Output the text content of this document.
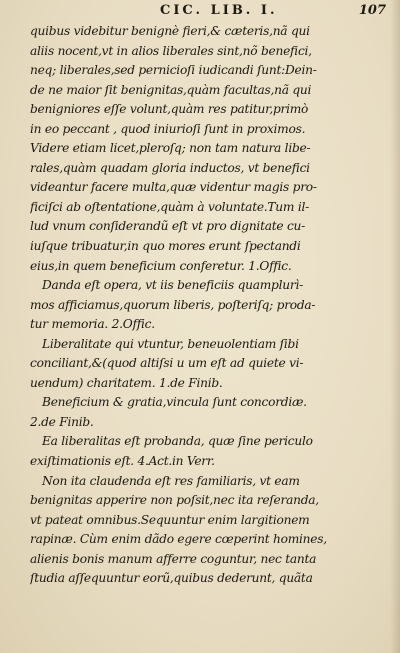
CIC. LIB. I.	107
quibus videbitur benignè fieri,& cæteris,nã qui
aliis nocent,vt in alios liberales sint,nõ benefici,
neq; liberales,sed pernicioſi iudicandi ſunt:Dein-
de ne maior ſit benignitas,quàm facultas,nã qui
benigniores eſſe volunt,quàm res patitur,primò
in eo peccant , quod iniurioſi ſunt in proximos.
Videre etiam licet,pleroſq; non tam natura libe-
rales,quàm quadam gloria inductos, vt benefici
videantur facere multa,quæ videntur magis pro-
ficiſci ab oſtentatione,quàm à voluntate.Tum il-
lud vnum conſiderandũ eſt vt pro dignitate cu-
iuſque tribuatur,in quo mores erunt ſpectandi
eius,in quem beneficium conferetur. 1.Offic.
Danda eſt opera, vt iis beneficiis quamplurì-
mos afficiamus,quorum liberis, poſteriſq; proda-
tur memoria. 2.Offic.
Liberalitate qui vtuntur, beneuolentiam ſibi
conciliant,&(quod altiſsi u um eſt ad quiete vi-
uendum) charitatem. 1.de Finib.
Beneficium & gratia,vincula ſunt concordiæ.
2.de Finib.
Ea liberalitas eſt probanda, quæ ſine periculo
exiſtimationis eſt. 4.Act.in Verr.
Non ita claudenda eſt res familiaris, vt eam
benignitas apperire non poſsit,nec ita reſeranda,
vt pateat omnibus.Sequuntur enim largitionem
rapinæ. Cùm enim dãdo egere cœperint homines,
alienis bonis manum afferre coguntur, nec tanta
ſtudia aſſequuntur eorũ,quibus dederunt, quãta
